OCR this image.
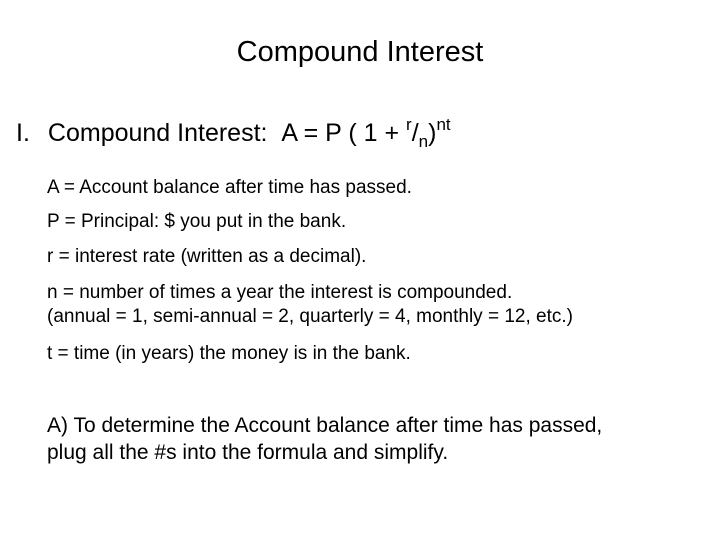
Compound Interest
I. Compound Interest: A = P ( $1 + ^r/_n)^{nt}$
A = Account balance after time has passed.
P = Principal: $ you put in the bank.
r = interest rate (written as a decimal).
n = number of times a year the interest is compounded.
(annual = 1, semi-annual = 2, quarterly = 4, monthly = 12, etc.)
t = time (in years) the money is in the bank.
A) To determine the Account balance after time has passed,
plug all the #s into the formula and simplify.
